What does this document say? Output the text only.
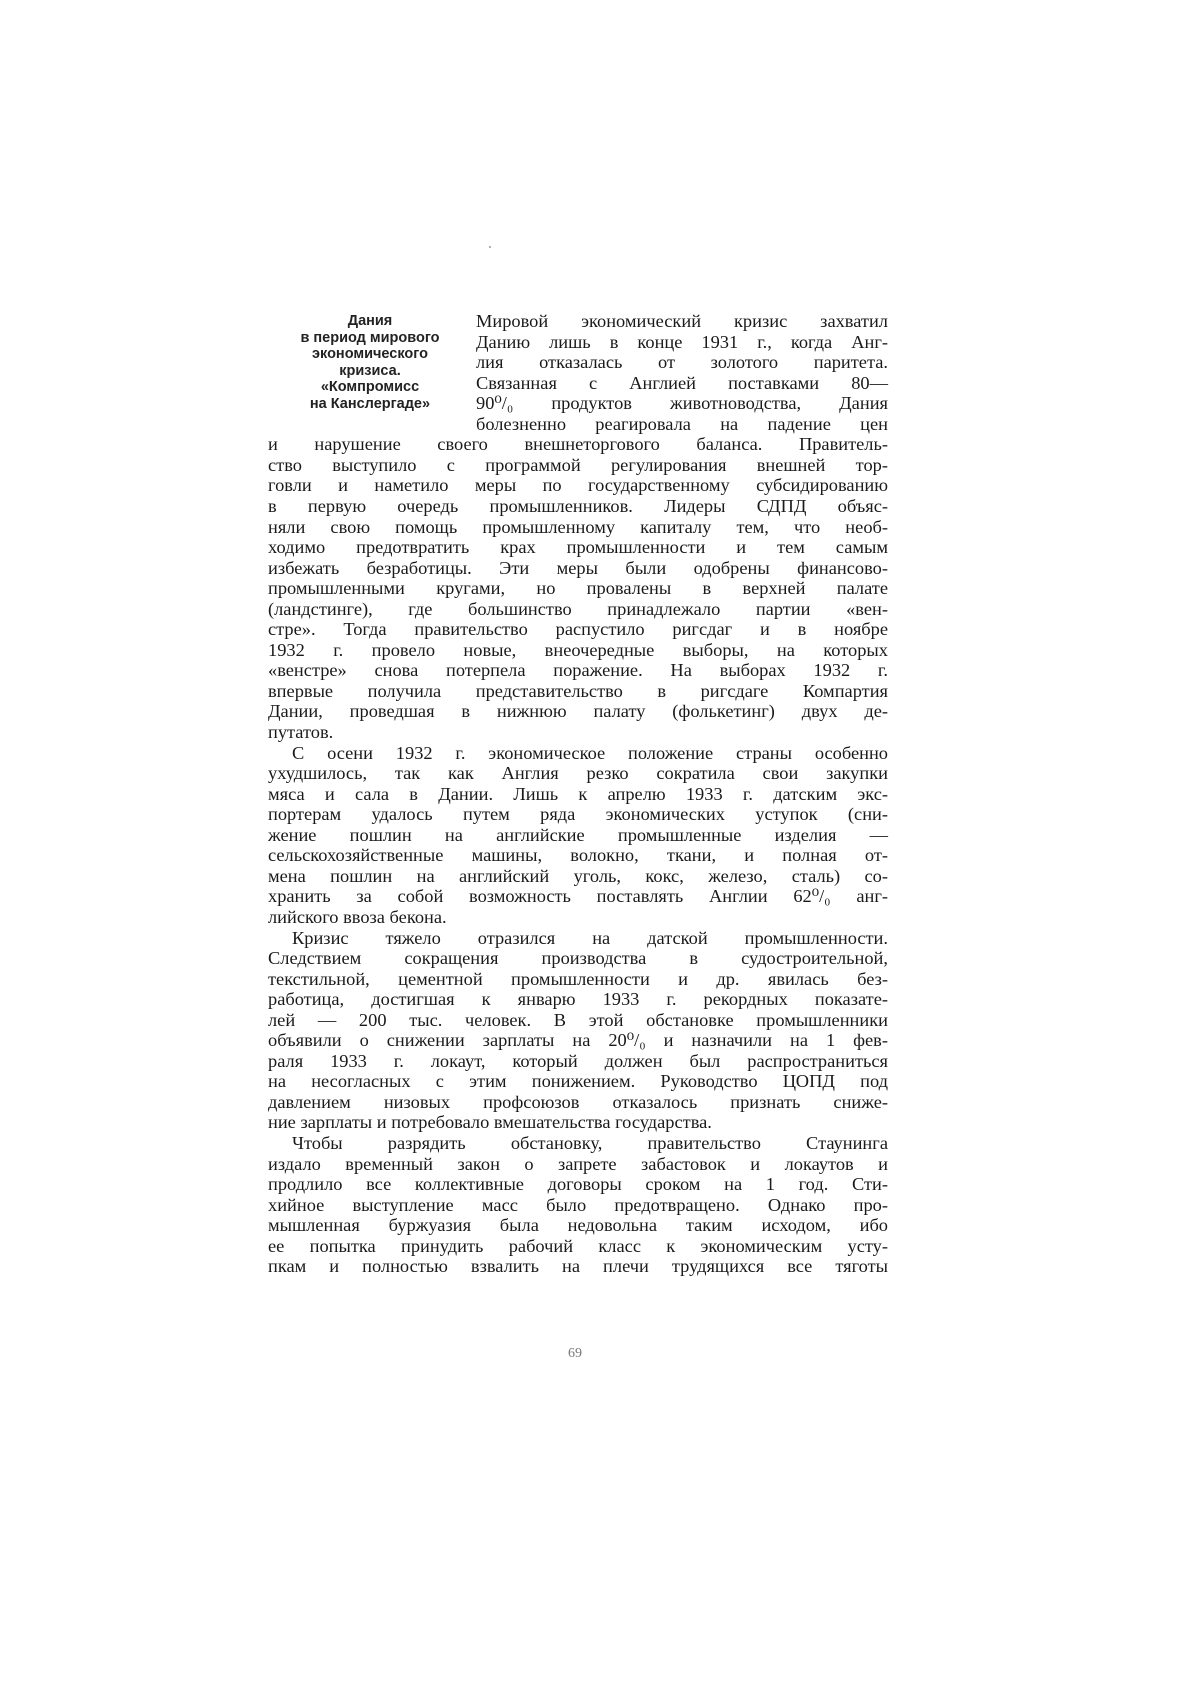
Дания
в период мирового
экономического
кризиса.
«Компромисс
на Канслергаде»
Мировой экономический кризис захватил
Данию лишь в конце 1931 г., когда Анг-
лия отказалась от золотого паритета.
Связанная с Англией поставками 80—
90⁰/₀ продуктов животноводства, Дания
болезненно реагировала на падение цен
и нарушение своего внешнеторгового баланса. Правитель-
ство выступило с программой регулирования внешней тор-
говли и наметило меры по государственному субсидированию
в первую очередь промышленников. Лидеры СДПД объяс-
няли свою помощь промышленному капиталу тем, что необ-
ходимо предотвратить крах промышленности и тем самым
избежать безработицы. Эти меры были одобрены финансово-
промышленными кругами, но провалены в верхней палате
(ландстинге), где большинство принадлежало партии «вен-
стре». Тогда правительство распустило ригсдаг и в ноябре
1932 г. провело новые, внеочередные выборы, на которых
«венстре» снова потерпела поражение. На выборах 1932 г.
впервые получила представительство в ригсдаге Компартия
Дании, проведшая в нижнюю палату (фолькетинг) двух де-
путатов.
С осени 1932 г. экономическое положение страны особенно
ухудшилось, так как Англия резко сократила свои закупки
мяса и сала в Дании. Лишь к апрелю 1933 г. датским экс-
портерам удалось путем ряда экономических уступок (сни-
жение пошлин на английские промышленные изделия —
сельскохозяйственные машины, волокно, ткани, и полная от-
мена пошлин на английский уголь, кокс, железо, сталь) со-
хранить за собой возможность поставлять Англии 62⁰/₀ анг-
лийского ввоза бекона.
Кризис тяжело отразился на датской промышленности.
Следствием сокращения производства в судостроительной,
текстильной, цементной промышленности и др. явилась без-
работица, достигшая к январю 1933 г. рекордных показате-
лей — 200 тыс. человек. В этой обстановке промышленники
объявили о снижении зарплаты на 20⁰/₀ и назначили на 1 фев-
раля 1933 г. локаут, который должен был распространиться
на несогласных с этим понижением. Руководство ЦОПД под
давлением низовых профсоюзов отказалось признать сниже-
ние зарплаты и потребовало вмешательства государства.
Чтобы разрядить обстановку, правительство Стаунинга
издало временный закон о запрете забастовок и локаутов и
продлило все коллективные договоры сроком на 1 год. Сти-
хийное выступление масс было предотвращено. Однако про-
мышленная буржуазия была недовольна таким исходом, ибо
ее попытка принудить рабочий класс к экономическим усту-
пкам и полностью взвалить на плечи трудящихся все тяготы
69
